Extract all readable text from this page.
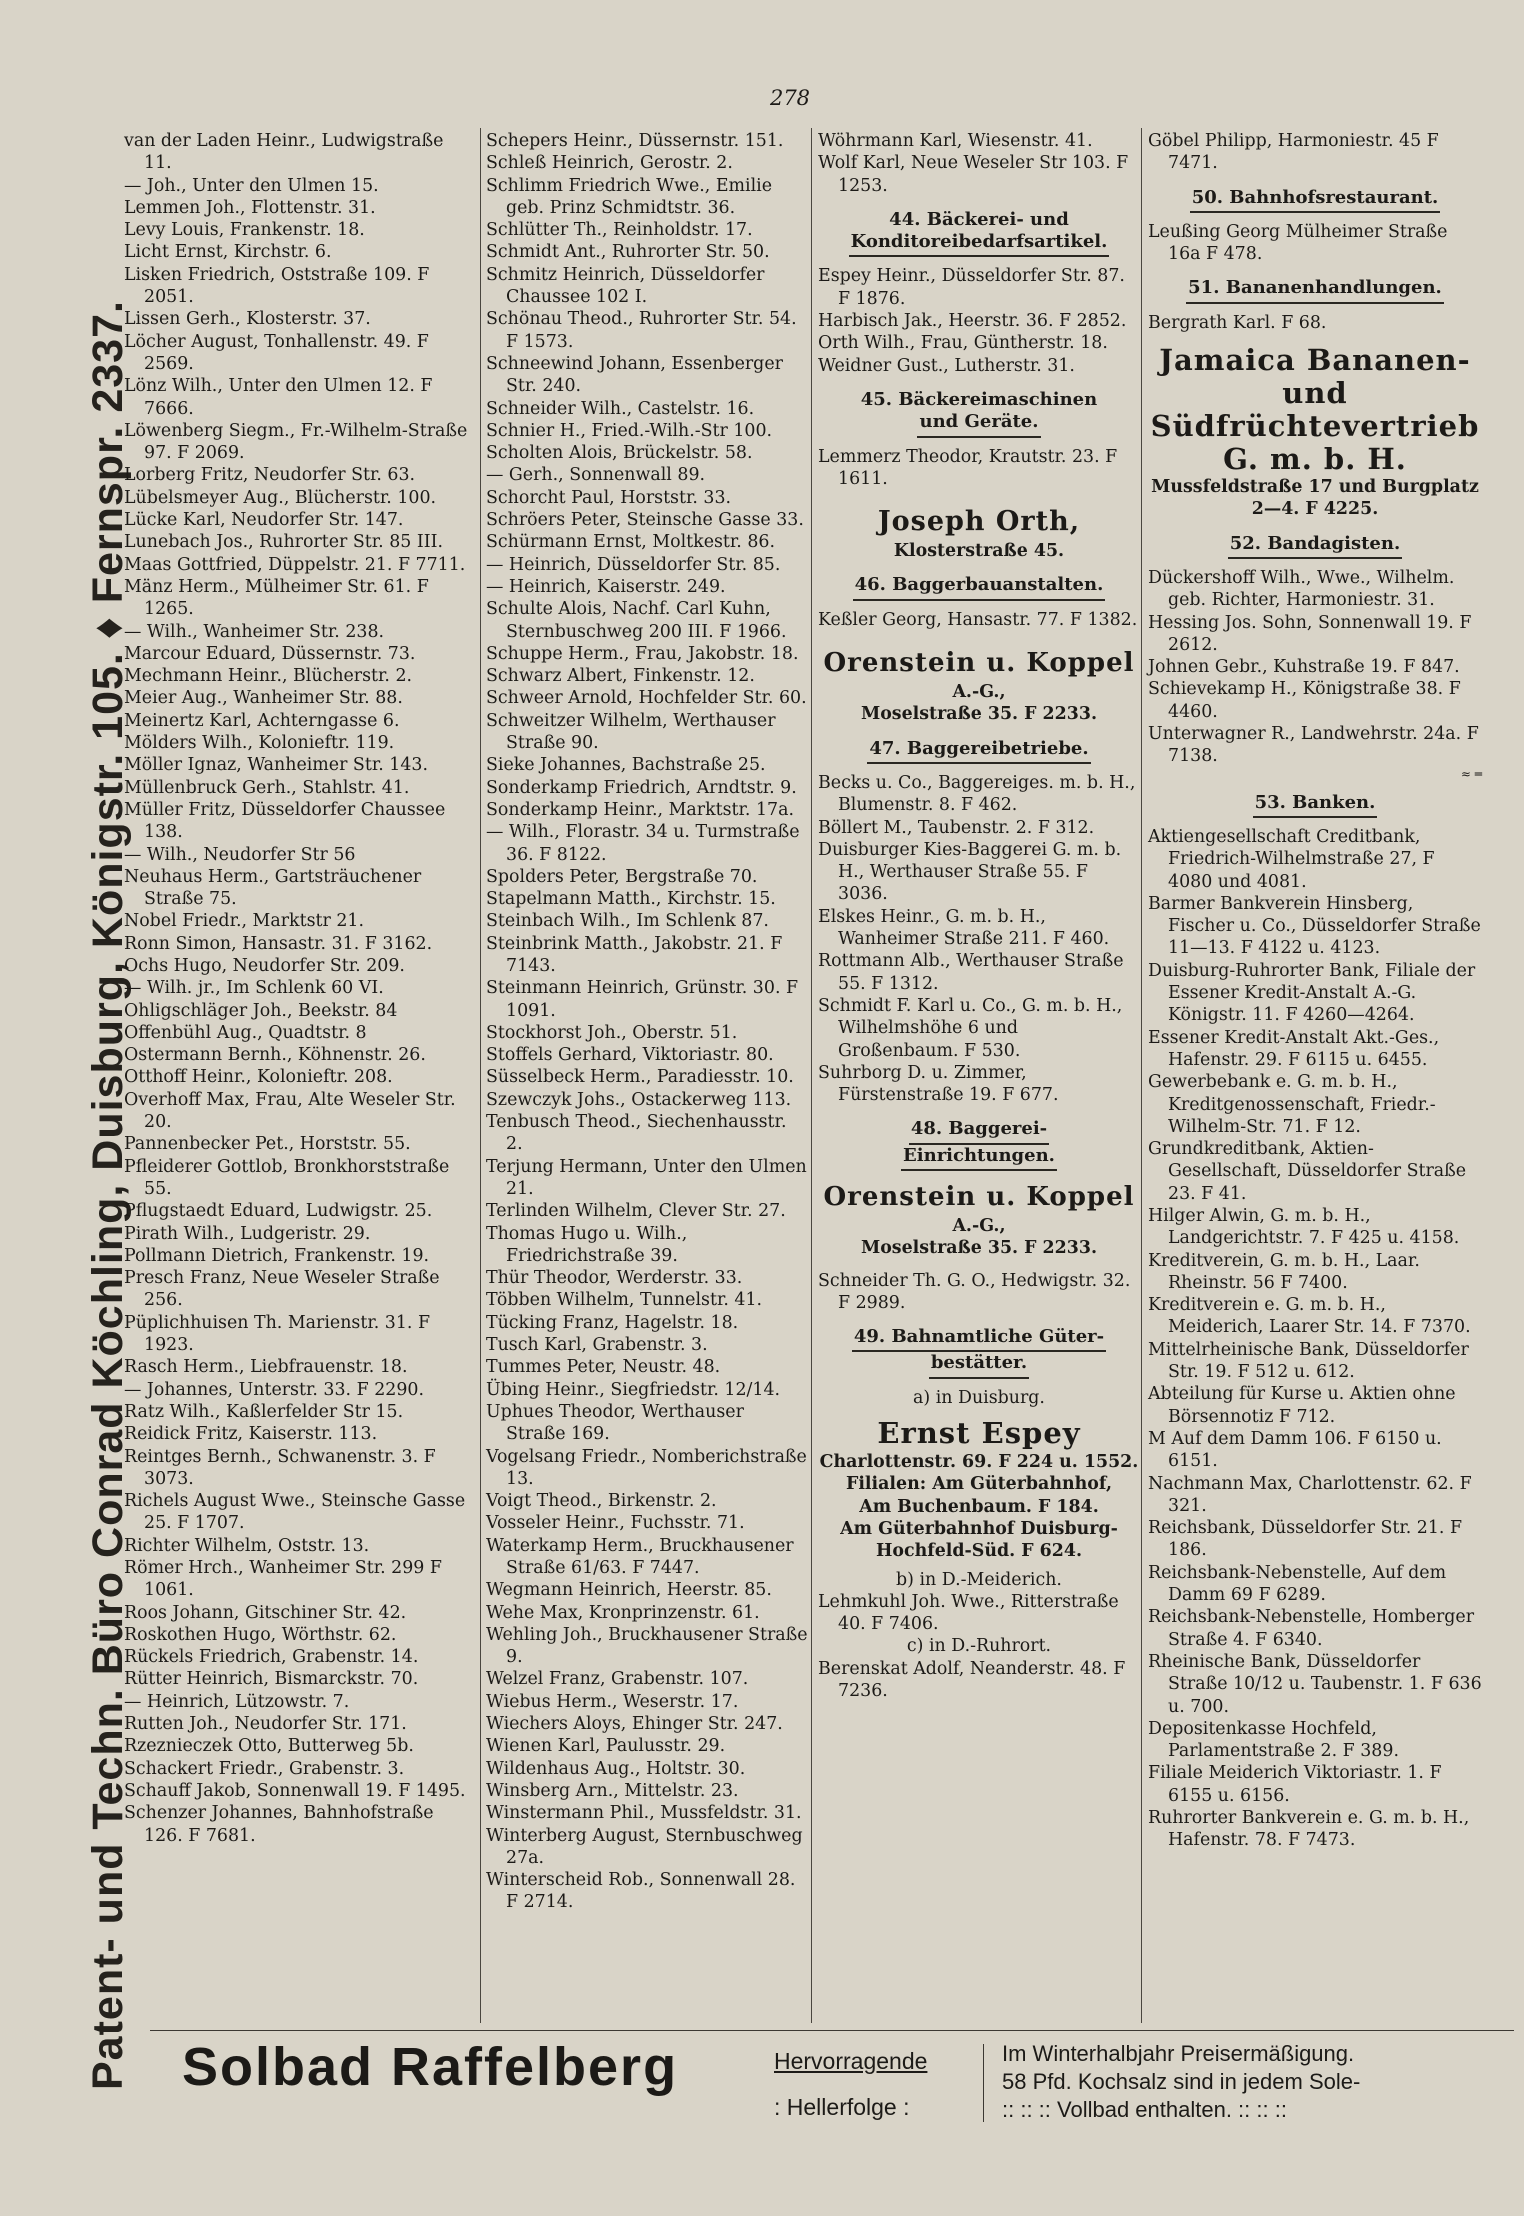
278
Patent- und Techn. Büro Conrad Köchling, Duisburg, Königstr. 105. ♦ Fernspr. 2337.
van der Laden Heinr., Ludwigstraße 11.
— Joh., Unter den Ulmen 15.
Lemmen Joh., Flottenstr. 31.
Levy Louis, Frankenstr. 18.
Licht Ernst, Kirchstr. 6.
Lisken Friedrich, Oststraße 109. F 2051.
Lissen Gerh., Klosterstr. 37.
Löcher August, Tonhallenstr. 49. F 2569.
Lönz Wilh., Unter den Ulmen 12. F 7666.
Löwenberg Siegm., Fr.-Wilhelm-Straße 97. F 2069.
Lorberg Fritz, Neudorfer Str. 63.
Lübelsmeyer Aug., Blücherstr. 100.
Lücke Karl, Neudorfer Str. 147.
Lunebach Jos., Ruhrorter Str. 85 III.
Maas Gottfried, Düppelstr. 21. F 7711.
Mänz Herm., Mülheimer Str. 61. F 1265.
— Wilh., Wanheimer Str. 238.
Marcour Eduard, Düssernstr. 73.
Mechmann Heinr., Blücherstr. 2.
Meier Aug., Wanheimer Str. 88.
Meinertz Karl, Achterngasse 6.
Mölders Wilh., Kolonieftr. 119.
Möller Ignaz, Wanheimer Str. 143.
Müllenbruck Gerh., Stahlstr. 41.
Müller Fritz, Düsseldorfer Chaussee 138.
— Wilh., Neudorfer Str 56
Neuhaus Herm., Gartsträuchener Straße 75.
Nobel Friedr., Marktstr 21.
Ronn Simon, Hansastr. 31. F 3162.
Ochs Hugo, Neudorfer Str. 209.
— Wilh. jr., Im Schlenk 60 VI.
Ohligschläger Joh., Beekstr. 84
Offenbühl Aug., Quadtstr. 8
Ostermann Bernh., Köhnenstr. 26.
Otthoff Heinr., Kolonieftr. 208.
Overhoff Max, Frau, Alte Weseler Str. 20.
Pannenbecker Pet., Horststr. 55.
Pfleiderer Gottlob, Bronkhorststraße 55.
Pflugstaedt Eduard, Ludwigstr. 25.
Pirath Wilh., Ludgeristr. 29.
Pollmann Dietrich, Frankenstr. 19.
Presch Franz, Neue Weseler Straße 256.
Püplichhuisen Th. Marienstr. 31. F 1923.
Rasch Herm., Liebfrauenstr. 18.
— Johannes, Unterstr. 33. F 2290.
Ratz Wilh., Kaßlerfelder Str 15.
Reidick Fritz, Kaiserstr. 113.
Reintges Bernh., Schwanenstr. 3. F 3073.
Richels August Wwe., Steinsche Gasse 25. F 1707.
Richter Wilhelm, Oststr. 13.
Römer Hrch., Wanheimer Str. 299 F 1061.
Roos Johann, Gitschiner Str. 42.
Roskothen Hugo, Wörthstr. 62.
Rückels Friedrich, Grabenstr. 14.
Rütter Heinrich, Bismarckstr. 70.
— Heinrich, Lützowstr. 7.
Rutten Joh., Neudorfer Str. 171.
Rzeznieczek Otto, Butterweg 5b.
Schackert Friedr., Grabenstr. 3.
Schauff Jakob, Sonnenwall 19. F 1495.
Schenzer Johannes, Bahnhofstraße 126. F 7681.
Schepers Heinr., Düssernstr. 151.
Schleß Heinrich, Gerostr. 2.
Schlimm Friedrich Wwe., Emilie geb. Prinz Schmidtstr. 36.
Schlütter Th., Reinholdstr. 17.
Schmidt Ant., Ruhrorter Str. 50.
Schmitz Heinrich, Düsseldorfer Chaussee 102 I.
Schönau Theod., Ruhrorter Str. 54. F 1573.
Schneewind Johann, Essenberger Str. 240.
Schneider Wilh., Castelstr. 16.
Schnier H., Fried.-Wilh.-Str 100.
Scholten Alois, Brückelstr. 58.
— Gerh., Sonnenwall 89.
Schorcht Paul, Horststr. 33.
Schröers Peter, Steinsche Gasse 33.
Schürmann Ernst, Moltkestr. 86.
— Heinrich, Düsseldorfer Str. 85.
— Heinrich, Kaiserstr. 249.
Schulte Alois, Nachf. Carl Kuhn, Sternbuschweg 200 III. F 1966.
Schuppe Herm., Frau, Jakobstr. 18.
Schwarz Albert, Finkenstr. 12.
Schweer Arnold, Hochfelder Str. 60.
Schweitzer Wilhelm, Werthauser Straße 90.
Sieke Johannes, Bachstraße 25.
Sonderkamp Friedrich, Arndtstr. 9.
Sonderkamp Heinr., Marktstr. 17a.
— Wilh., Florastr. 34 u. Turmstraße 36. F 8122.
Spolders Peter, Bergstraße 70.
Stapelmann Matth., Kirchstr. 15.
Steinbach Wilh., Im Schlenk 87.
Steinbrink Matth., Jakobstr. 21. F 7143.
Steinmann Heinrich, Grünstr. 30. F 1091.
Stockhorst Joh., Oberstr. 51.
Stoffels Gerhard, Viktoriastr. 80.
Süsselbeck Herm., Paradiesstr. 10.
Szewczyk Johs., Ostackerweg 113.
Tenbusch Theod., Siechenhausstr. 2.
Terjung Hermann, Unter den Ulmen 21.
Terlinden Wilhelm, Clever Str. 27.
Thomas Hugo u. Wilh., Friedrichstraße 39.
Thür Theodor, Werderstr. 33.
Többen Wilhelm, Tunnelstr. 41.
Tücking Franz, Hagelstr. 18.
Tusch Karl, Grabenstr. 3.
Tummes Peter, Neustr. 48.
Übing Heinr., Siegfriedstr. 12/14.
Uphues Theodor, Werthauser Straße 169.
Vogelsang Friedr., Nomberichstraße 13.
Voigt Theod., Birkenstr. 2.
Vosseler Heinr., Fuchsstr. 71.
Waterkamp Herm., Bruckhausener Straße 61/63. F 7447.
Wegmann Heinrich, Heerstr. 85.
Wehe Max, Kronprinzenstr. 61.
Wehling Joh., Bruckhausener Straße 9.
Welzel Franz, Grabenstr. 107.
Wiebus Herm., Weserstr. 17.
Wiechers Aloys, Ehinger Str. 247.
Wienen Karl, Paulusstr. 29.
Wildenhaus Aug., Holtstr. 30.
Winsberg Arn., Mittelstr. 23.
Winstermann Phil., Mussfeldstr. 31.
Winterberg August, Sternbuschweg 27a.
Winterscheid Rob., Sonnenwall 28. F 2714.
Wöhrmann Karl, Wiesenstr. 41.
Wolf Karl, Neue Weseler Str 103. F 1253.
44. Bäckerei- und
Konditoreibedarfsartikel.
Espey Heinr., Düsseldorfer Str. 87. F 1876.
Harbisch Jak., Heerstr. 36. F 2852.
Orth Wilh., Frau, Güntherstr. 18.
Weidner Gust., Lutherstr. 31.
45. Bäckereimaschinen
und Geräte.
Lemmerz Theodor, Krautstr. 23. F 1611.
Joseph Orth,
Klosterstraße 45.
46. Baggerbauanstalten.
Keßler Georg, Hansastr. 77. F 1382.
Orenstein u. Koppel
A.-G.,
Moselstraße 35. F 2233.
47. Baggereibetriebe.
Becks u. Co., Baggereiges. m. b. H., Blumenstr. 8. F 462.
Böllert M., Taubenstr. 2. F 312.
Duisburger Kies-Baggerei G. m. b. H., Werthauser Straße 55. F 3036.
Elskes Heinr., G. m. b. H., Wanheimer Straße 211. F 460.
Rottmann Alb., Werthauser Straße 55. F 1312.
Schmidt F. Karl u. Co., G. m. b. H., Wilhelmshöhe 6 und Großenbaum. F 530.
Suhrborg D. u. Zimmer, Fürstenstraße 19. F 677.
48. Baggerei-
Einrichtungen.
Orenstein u. Koppel
A.-G.,
Moselstraße 35. F 2233.
Schneider Th. G. O., Hedwigstr. 32. F 2989.
49. Bahnamtliche Güter-
bestätter.
a) in Duisburg.
Ernst Espey
Charlottenstr. 69. F 224 u. 1552.
Filialen: Am Güterbahnhof,
Am Buchenbaum. F 184.
Am Güterbahnhof Duisburg-
Hochfeld-Süd. F 624.
b) in D.-Meiderich.
Lehmkuhl Joh. Wwe., Ritterstraße 40. F 7406.
c) in D.-Ruhrort.
Berenskat Adolf, Neanderstr. 48. F 7236.
Göbel Philipp, Harmoniestr. 45 F 7471.
50. Bahnhofsrestaurant.
Leußing Georg Mülheimer Straße 16a F 478.
51. Bananenhandlungen.
Bergrath Karl. F 68.
Jamaica Bananen- und Südfrüchtevertrieb G. m. b. H.
Mussfeldstraße 17 und Burgplatz 2—4. F 4225.
52. Bandagisten.
Dückershoff Wilh., Wwe., Wilhelm. geb. Richter, Harmoniestr. 31.
Hessing Jos. Sohn, Sonnenwall 19. F 2612.
Johnen Gebr., Kuhstraße 19. F 847.
Schievekamp H., Königstraße 38. F 4460.
Unterwagner R., Landwehrstr. 24a. F 7138.
≈ ═
53. Banken.
Aktiengesellschaft Creditbank, Friedrich-Wilhelmstraße 27, F 4080 und 4081.
Barmer Bankverein Hinsberg, Fischer u. Co., Düsseldorfer Straße 11—13. F 4122 u. 4123.
Duisburg-Ruhrorter Bank, Filiale der Essener Kredit-Anstalt A.-G. Königstr. 11. F 4260—4264.
Essener Kredit-Anstalt Akt.-Ges., Hafenstr. 29. F 6115 u. 6455.
Gewerbebank e. G. m. b. H., Kreditgenossenschaft, Friedr.-Wilhelm-Str. 71. F 12.
Grundkreditbank, Aktien-Gesellschaft, Düsseldorfer Straße 23. F 41.
Hilger Alwin, G. m. b. H., Landgerichtstr. 7. F 425 u. 4158.
Kreditverein, G. m. b. H., Laar. Rheinstr. 56 F 7400.
Kreditverein e. G. m. b. H., Meiderich, Laarer Str. 14. F 7370.
Mittelrheinische Bank, Düsseldorfer Str. 19. F 512 u. 612.
Abteilung für Kurse u. Aktien ohne Börsennotiz F 712.
M Auf dem Damm 106. F 6150 u. 6151.
Nachmann Max, Charlottenstr. 62. F 321.
Reichsbank, Düsseldorfer Str. 21. F 186.
Reichsbank-Nebenstelle, Auf dem Damm 69 F 6289.
Reichsbank-Nebenstelle, Homberger Straße 4. F 6340.
Rheinische Bank, Düsseldorfer Straße 10/12 u. Taubenstr. 1. F 636 u. 700.
Depositenkasse Hochfeld, Parlamentstraße 2. F 389.
Filiale Meiderich Viktoriastr. 1. F 6155 u. 6156.
Ruhrorter Bankverein e. G. m. b. H., Hafenstr. 78. F 7473.
Solbad Raffelberg	Hervorragende
: Hellerfolge :
Im Winterhalbjahr Preisermäßigung.
58 Pfd. Kochsalz sind in jedem Sole-
:: :: :: Vollbad enthalten. :: :: ::
